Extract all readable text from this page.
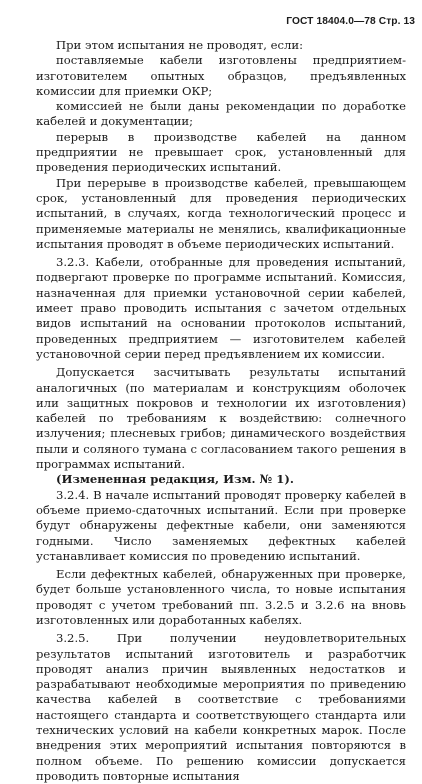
ГОСТ 18404.0—78 Стр. 13

При этом испытания не проводят, если:

поставляемые кабели изготовлены предприятием-изготовителем опытных образцов, предъявленных комиссии для приемки ОКР;

комиссией не были даны рекомендации по доработке кабелей и документации;

перерыв в производстве кабелей на данном предприятии не превышает срок, установленный для проведения периодических испытаний.

При перерыве в производстве кабелей, превышающем срок, установленный для проведения периодических испытаний, в случаях, когда технологический процесс и применяемые материалы не менялись, квалификационные испытания проводят в объеме периодических испытаний.

3.2.3. Кабели, отобранные для проведения испытаний, подвергают проверке по программе испытаний. Комиссия, назначенная для приемки установочной серии кабелей, имеет право проводить испытания с зачетом отдельных видов испытаний на основании протоколов испытаний, проведенных предприятием — изготовителем кабелей установочной серии перед предъявлением их комиссии.

Допускается засчитывать результаты испытаний аналогичных (по материалам и конструкциям оболочек или защитных покровов и технологии их изготовления) кабелей по требованиям к воздействию: солнечного излучения; плесневых грибов; динамического воздействия пыли и соляного тумана с согласованием такого решения в программах испытаний.

(Измененная редакция, Изм. № 1).

3.2.4. В начале испытаний проводят проверку кабелей в объеме приемо-сдаточных испытаний. Если при проверке будут обнаружены дефектные кабели, они заменяются годными. Число заменяемых дефектных кабелей устанавливает комиссия по проведению испытаний.

Если дефектных кабелей, обнаруженных при проверке, будет больше установленного числа, то новые испытания проводят с учетом требований пп. 3.2.5 и 3.2.6 на вновь изготовленных или доработанных кабелях.

3.2.5. При получении неудовлетворительных результатов испытаний изготовитель и разработчик проводят анализ причин выявленных недостатков и разрабатывают необходимые мероприятия по приведению качества кабелей в соответствие с требованиями настоящего стандарта и соответствующего стандарта или технических условий на кабели конкретных марок. После внедрения этих мероприятий испытания повторяются в полном объеме. По решению комиссии допускается проводить повторные испытания
